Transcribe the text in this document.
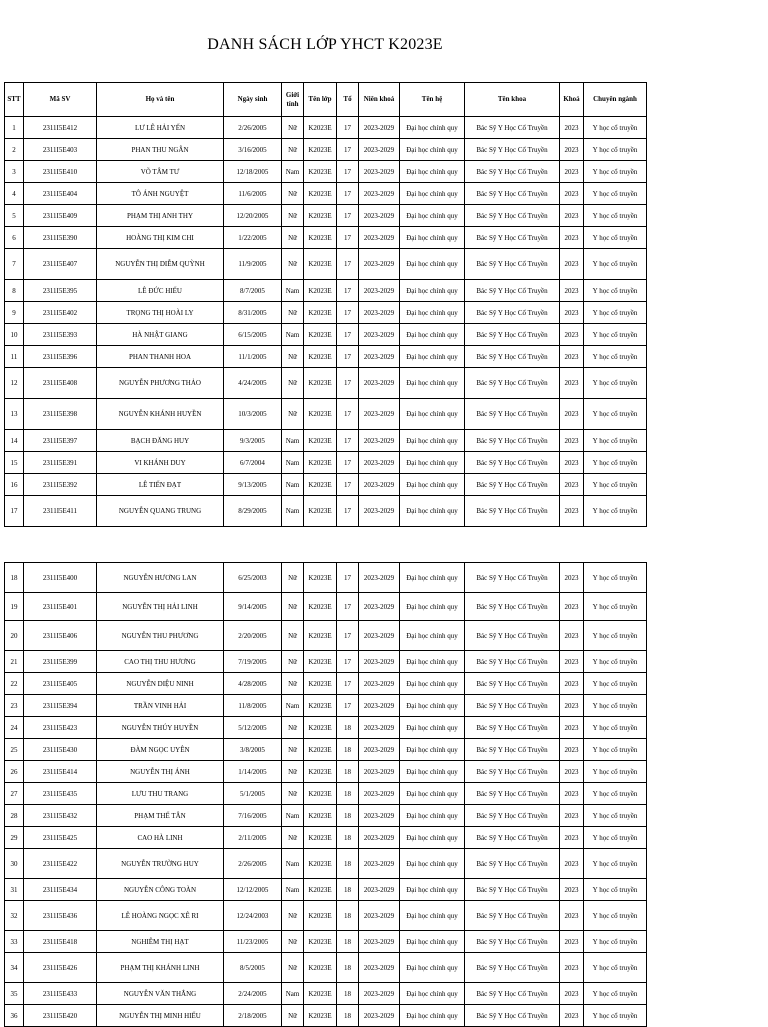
DANH SÁCH LỚP YHCT K2023E
STT	Mã SV	Họ và tên	Ngày sinh	Giới tính	Tên lớp	Tổ	Niên khoá	Tên hệ	Tên khoa	Khoá	Chuyên ngành
1	2311I5E412	LƯ LÊ HẢI YẾN	2/26/2005	Nữ	K2023E	17	2023-2029	Đại học chính quy	Bác Sỹ Y Học Cổ Truyền	2023	Y học cổ truyền
2	2311I5E403	PHAN THU NGÂN	3/16/2005	Nữ	K2023E	17	2023-2029	Đại học chính quy	Bác Sỹ Y Học Cổ Truyền	2023	Y học cổ truyền
3	2311I5E410	VÕ TÂM TƯ	12/18/2005	Nam	K2023E	17	2023-2029	Đại học chính quy	Bác Sỹ Y Học Cổ Truyền	2023	Y học cổ truyền
4	2311I5E404	TÔ ÁNH NGUYỆT	11/6/2005	Nữ	K2023E	17	2023-2029	Đại học chính quy	Bác Sỹ Y Học Cổ Truyền	2023	Y học cổ truyền
5	2311I5E409	PHẠM THỊ ANH THY	12/20/2005	Nữ	K2023E	17	2023-2029	Đại học chính quy	Bác Sỹ Y Học Cổ Truyền	2023	Y học cổ truyền
6	2311I5E390	HOÀNG THỊ KIM CHI	1/22/2005	Nữ	K2023E	17	2023-2029	Đại học chính quy	Bác Sỹ Y Học Cổ Truyền	2023	Y học cổ truyền
7	2311I5E407	NGUYỄN THỊ DIỄM QUỲNH	11/9/2005	Nữ	K2023E	17	2023-2029	Đại học chính quy	Bác Sỹ Y Học Cổ Truyền	2023	Y học cổ truyền
8	2311I5E395	LÊ ĐỨC HIẾU	8/7/2005	Nam	K2023E	17	2023-2029	Đại học chính quy	Bác Sỹ Y Học Cổ Truyền	2023	Y học cổ truyền
9	2311I5E402	TRỌNG THỊ HOÀI LY	8/31/2005	Nữ	K2023E	17	2023-2029	Đại học chính quy	Bác Sỹ Y Học Cổ Truyền	2023	Y học cổ truyền
10	2311I5E393	HÀ NHẬT GIANG	6/15/2005	Nam	K2023E	17	2023-2029	Đại học chính quy	Bác Sỹ Y Học Cổ Truyền	2023	Y học cổ truyền
11	2311I5E396	PHAN THANH HOA	11/1/2005	Nữ	K2023E	17	2023-2029	Đại học chính quy	Bác Sỹ Y Học Cổ Truyền	2023	Y học cổ truyền
12	2311I5E408	NGUYỄN PHƯƠNG THẢO	4/24/2005	Nữ	K2023E	17	2023-2029	Đại học chính quy	Bác Sỹ Y Học Cổ Truyền	2023	Y học cổ truyền
13	2311I5E398	NGUYỄN KHÁNH HUYỀN	10/3/2005	Nữ	K2023E	17	2023-2029	Đại học chính quy	Bác Sỹ Y Học Cổ Truyền	2023	Y học cổ truyền
14	2311I5E397	BẠCH ĐĂNG HUY	9/3/2005	Nam	K2023E	17	2023-2029	Đại học chính quy	Bác Sỹ Y Học Cổ Truyền	2023	Y học cổ truyền
15	2311I5E391	VI KHÁNH DUY	6/7/2004	Nam	K2023E	17	2023-2029	Đại học chính quy	Bác Sỹ Y Học Cổ Truyền	2023	Y học cổ truyền
16	2311I5E392	LÊ TIẾN ĐẠT	9/13/2005	Nam	K2023E	17	2023-2029	Đại học chính quy	Bác Sỹ Y Học Cổ Truyền	2023	Y học cổ truyền
17	2311I5E411	NGUYỄN QUANG TRUNG	8/29/2005	Nam	K2023E	17	2023-2029	Đại học chính quy	Bác Sỹ Y Học Cổ Truyền	2023	Y học cổ truyền
18	2311I5E400	NGUYỄN HƯƠNG LAN	6/25/2003	Nữ	K2023E	17	2023-2029	Đại học chính quy	Bác Sỹ Y Học Cổ Truyền	2023	Y học cổ truyền
19	2311I5E401	NGUYỄN THỊ HẢI LINH	9/14/2005	Nữ	K2023E	17	2023-2029	Đại học chính quy	Bác Sỹ Y Học Cổ Truyền	2023	Y học cổ truyền
20	2311I5E406	NGUYỄN THU PHƯƠNG	2/20/2005	Nữ	K2023E	17	2023-2029	Đại học chính quy	Bác Sỹ Y Học Cổ Truyền	2023	Y học cổ truyền
21	2311I5E399	CAO THỊ THU HƯƠNG	7/19/2005	Nữ	K2023E	17	2023-2029	Đại học chính quy	Bác Sỹ Y Học Cổ Truyền	2023	Y học cổ truyền
22	2311I5E405	NGUYỄN DIỆU NINH	4/28/2005	Nữ	K2023E	17	2023-2029	Đại học chính quy	Bác Sỹ Y Học Cổ Truyền	2023	Y học cổ truyền
23	2311I5E394	TRẦN VINH HẢI	11/8/2005	Nam	K2023E	17	2023-2029	Đại học chính quy	Bác Sỹ Y Học Cổ Truyền	2023	Y học cổ truyền
24	2311I5E423	NGUYỄN THÚY HUYỀN	5/12/2005	Nữ	K2023E	18	2023-2029	Đại học chính quy	Bác Sỹ Y Học Cổ Truyền	2023	Y học cổ truyền
25	2311I5E430	ĐÀM NGỌC UYÊN	3/8/2005	Nữ	K2023E	18	2023-2029	Đại học chính quy	Bác Sỹ Y Học Cổ Truyền	2023	Y học cổ truyền
26	2311I5E414	NGUYỄN THỊ ÁNH	1/14/2005	Nữ	K2023E	18	2023-2029	Đại học chính quy	Bác Sỹ Y Học Cổ Truyền	2023	Y học cổ truyền
27	2311I5E435	LƯU THU TRANG	5/1/2005	Nữ	K2023E	18	2023-2029	Đại học chính quy	Bác Sỹ Y Học Cổ Truyền	2023	Y học cổ truyền
28	2311I5E432	PHẠM THẾ TÂN	7/16/2005	Nam	K2023E	18	2023-2029	Đại học chính quy	Bác Sỹ Y Học Cổ Truyền	2023	Y học cổ truyền
29	2311I5E425	CAO HÀ LINH	2/11/2005	Nữ	K2023E	18	2023-2029	Đại học chính quy	Bác Sỹ Y Học Cổ Truyền	2023	Y học cổ truyền
30	2311I5E422	NGUYỄN TRƯỜNG HUY	2/26/2005	Nam	K2023E	18	2023-2029	Đại học chính quy	Bác Sỹ Y Học Cổ Truyền	2023	Y học cổ truyền
31	2311I5E434	NGUYỄN CÔNG TOÀN	12/12/2005	Nam	K2023E	18	2023-2029	Đại học chính quy	Bác Sỹ Y Học Cổ Truyền	2023	Y học cổ truyền
32	2311I5E436	LÊ HOÀNG NGỌC XÊ RI	12/24/2003	Nữ	K2023E	18	2023-2029	Đại học chính quy	Bác Sỹ Y Học Cổ Truyền	2023	Y học cổ truyền
33	2311I5E418	NGHIÊM THỊ HẠT	11/23/2005	Nữ	K2023E	18	2023-2029	Đại học chính quy	Bác Sỹ Y Học Cổ Truyền	2023	Y học cổ truyền
34	2311I5E426	PHẠM THỊ KHÁNH LINH	8/5/2005	Nữ	K2023E	18	2023-2029	Đại học chính quy	Bác Sỹ Y Học Cổ Truyền	2023	Y học cổ truyền
35	2311I5E433	NGUYỄN VĂN THẮNG	2/24/2005	Nam	K2023E	18	2023-2029	Đại học chính quy	Bác Sỹ Y Học Cổ Truyền	2023	Y học cổ truyền
36	2311I5E420	NGUYỄN THỊ MINH HIẾU	2/18/2005	Nữ	K2023E	18	2023-2029	Đại học chính quy	Bác Sỹ Y Học Cổ Truyền	2023	Y học cổ truyền
